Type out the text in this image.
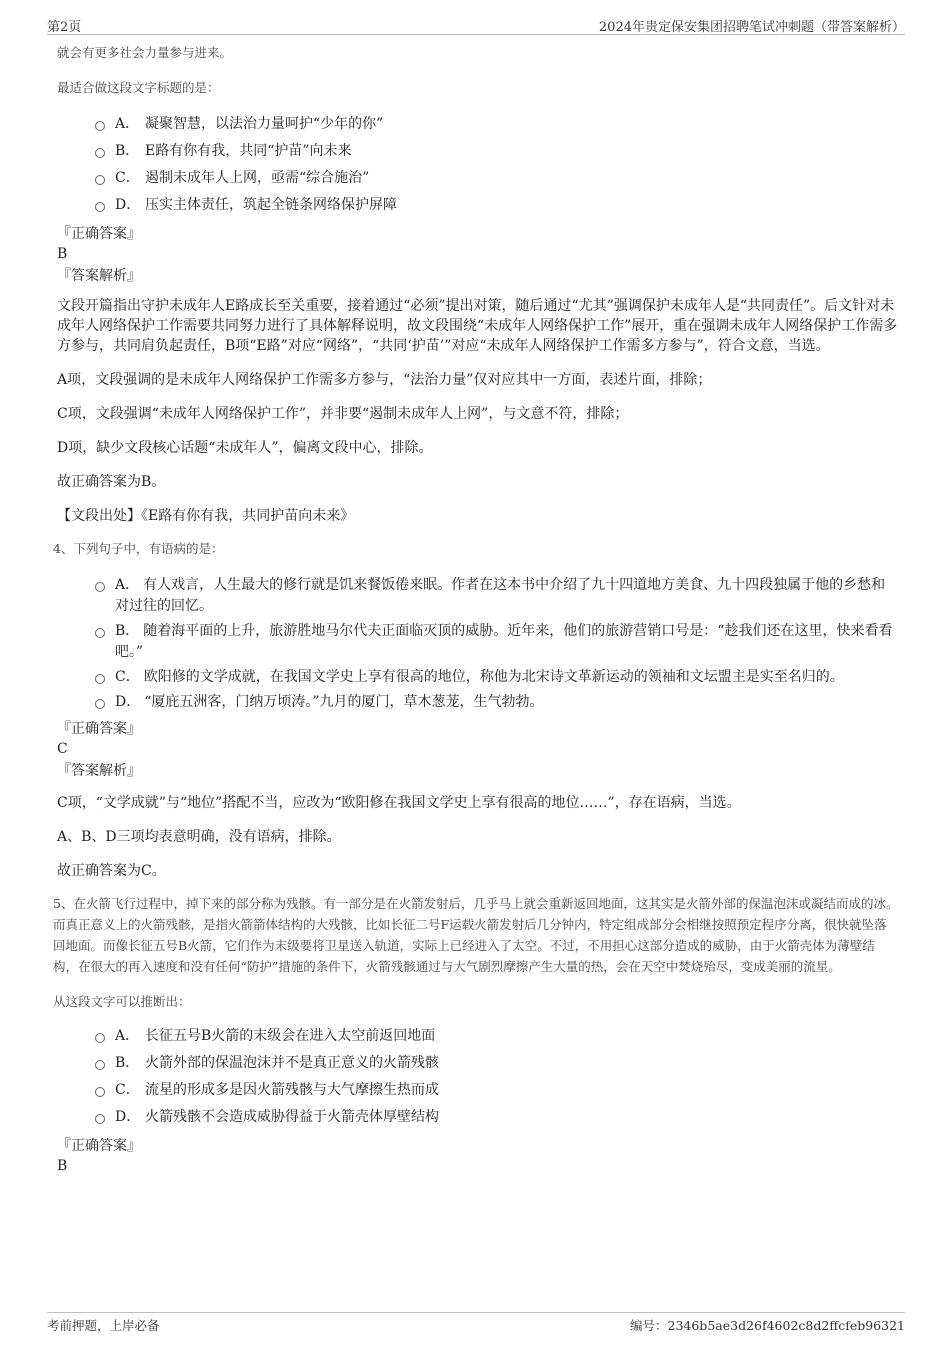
第2页	2024年贵定保安集团招聘笔试冲刺题（带答案解析）
就会有更多社会力量参与进来。
最适合做这段文字标题的是：
A． 凝聚智慧，以法治力量呵护“少年的你”
B． E路有你有我，共同“护苗”向未来
C． 遏制未成年人上网，亟需“综合施治”
D． 压实主体责任，筑起全链条网络保护屏障
『正确答案』
B
『答案解析』
文段开篇指出守护未成年人E路成长至关重要，接着通过“必须”提出对策，随后通过“尤其”强调保护未成年人是“共同责任”。后文针对未成年人网络保护工作需要共同努力进行了具体解释说明，故文段围绕“未成年人网络保护工作”展开，重在强调未成年人网络保护工作需多方参与，共同肩负起责任，B项“E路”对应“网络”，“共同‘护苗’”对应“未成年人网络保护工作需多方参与”，符合文意，当选。
A项，文段强调的是未成年人网络保护工作需多方参与，“法治力量”仅对应其中一方面，表述片面，排除；
C项，文段强调“未成年人网络保护工作”，并非要“遏制未成年人上网”，与文意不符，排除；
D项，缺少文段核心话题“未成年人”，偏离文段中心，排除。
故正确答案为B。
【文段出处】《E路有你有我，共同护苗向未来》
4、下列句子中，有语病的是：
A． 有人戏言，人生最大的修行就是饥来餐饭倦来眠。作者在这本书中介绍了九十四道地方美食、九十四段独属于他的乡愁和对过往的回忆。
B． 随着海平面的上升，旅游胜地马尔代夫正面临灭顶的威胁。近年来，他们的旅游营销口号是：“趁我们还在这里，快来看看吧。”
C． 欧阳修的文学成就，在我国文学史上享有很高的地位，称他为北宋诗文革新运动的领袖和文坛盟主是实至名归的。
D． “厦庇五洲客，门纳万顷涛。”九月的厦门，草木葱茏，生气勃勃。
『正确答案』
C
『答案解析』
C项，“文学成就”与“地位”搭配不当，应改为“欧阳修在我国文学史上享有很高的地位……”，存在语病，当选。
A、B、D三项均表意明确，没有语病，排除。
故正确答案为C。
5、在火箭飞行过程中，掉下来的部分称为残骸。有一部分是在火箭发射后，几乎马上就会重新返回地面，这其实是火箭外部的保温泡沫或凝结而成的冰。而真正意义上的火箭残骸，是指火箭箭体结构的大残骸，比如长征二号F运载火箭发射后几分钟内，特定组成部分会相继按照预定程序分离，很快就坠落回地面。而像长征五号B火箭，它们作为末级要将卫星送入轨道，实际上已经进入了太空。不过，不用担心这部分造成的威胁，由于火箭壳体为薄壁结构，在很大的再入速度和没有任何“防护”措施的条件下，火箭残骸通过与大气剧烈摩擦产生大量的热，会在天空中焚烧殆尽，变成美丽的流星。
从这段文字可以推断出：
A． 长征五号B火箭的末级会在进入太空前返回地面
B． 火箭外部的保温泡沫并不是真正意义的火箭残骸
C． 流星的形成多是因火箭残骸与大气摩擦生热而成
D． 火箭残骸不会造成威胁得益于火箭壳体厚壁结构
『正确答案』
B
考前押题，上岸必备	编号：2346b5ae3d26f4602c8d2ffcfeb96321
